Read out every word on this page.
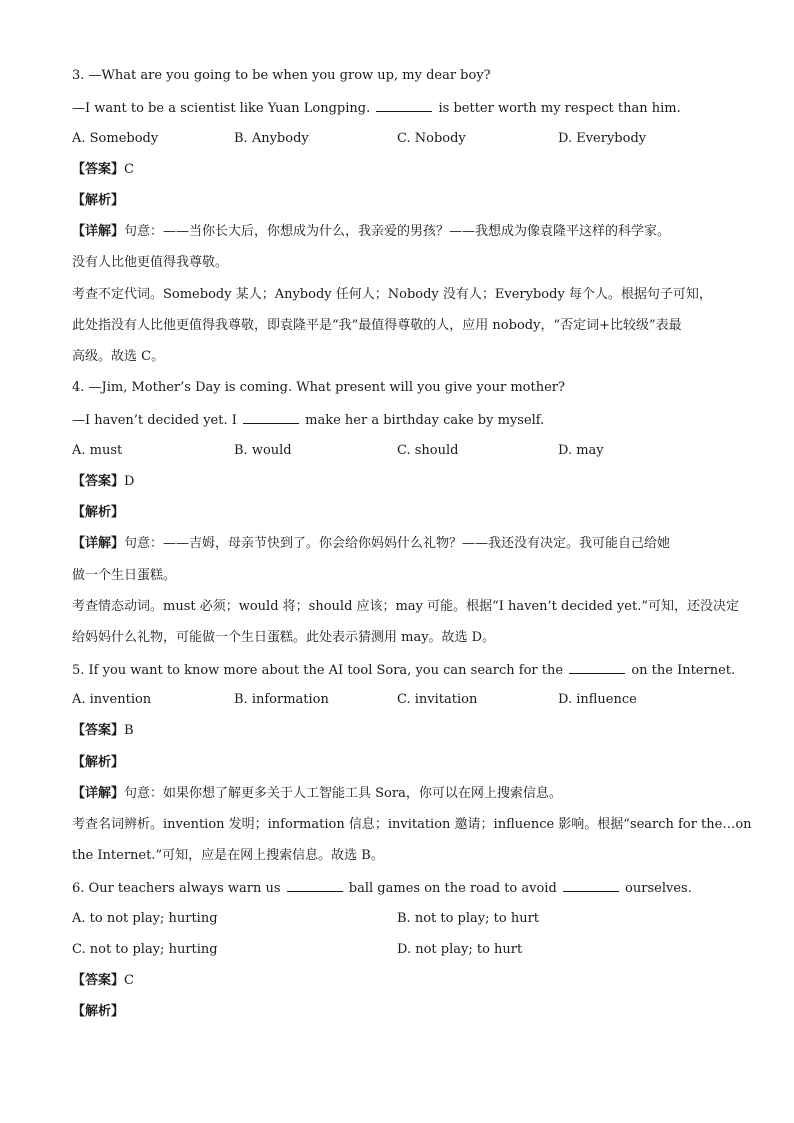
3. —What are you going to be when you grow up, my dear boy?
—I want to be a scientist like Yuan Longping.	is better worth my respect than him.
A. Somebody	B. Anybody	C. Nobody	D. Everybody
【答案】C
【解析】
【详解】句意：——当你长大后，你想成为什么，我亲爱的男孩？——我想成为像袁隆平这样的科学家。
没有人比他更值得我尊敬。
考查不定代词。Somebody 某人；Anybody 任何人；Nobody 没有人；Everybody 每个人。根据句子可知，
此处指没有人比他更值得我尊敬，即袁隆平是“我”最值得尊敬的人，应用 nobody，“否定词+比较级”表最
高级。故选 C。
4. —Jim, Mother’s Day is coming. What present will you give your mother?
—I haven’t decided yet. I	make her a birthday cake by myself.
A. must	B. would	C. should	D. may
【答案】D
【解析】
【详解】句意：——吉姆，母亲节快到了。你会给你妈妈什么礼物？——我还没有决定。我可能自己给她
做一个生日蛋糕。
考查情态动词。must 必须；would 将；should 应该；may 可能。根据“I haven’t decided yet.”可知，还没决定
给妈妈什么礼物，可能做一个生日蛋糕。此处表示猜测用 may。故选 D。
5. If you want to know more about the AI tool Sora, you can search for the	on the Internet.
A. invention	B. information	C. invitation	D. influence
【答案】B
【解析】
【详解】句意：如果你想了解更多关于人工智能工具 Sora，你可以在网上搜索信息。
考查名词辨析。invention 发明；information 信息；invitation 邀请；influence 影响。根据“search for the…on
the Internet.”可知，应是在网上搜索信息。故选 B。
6. Our teachers always warn us	ball games on the road to avoid	ourselves.
A. to not play; hurting	B. not to play; to hurt
C. not to play; hurting	D. not play; to hurt
【答案】C
【解析】
